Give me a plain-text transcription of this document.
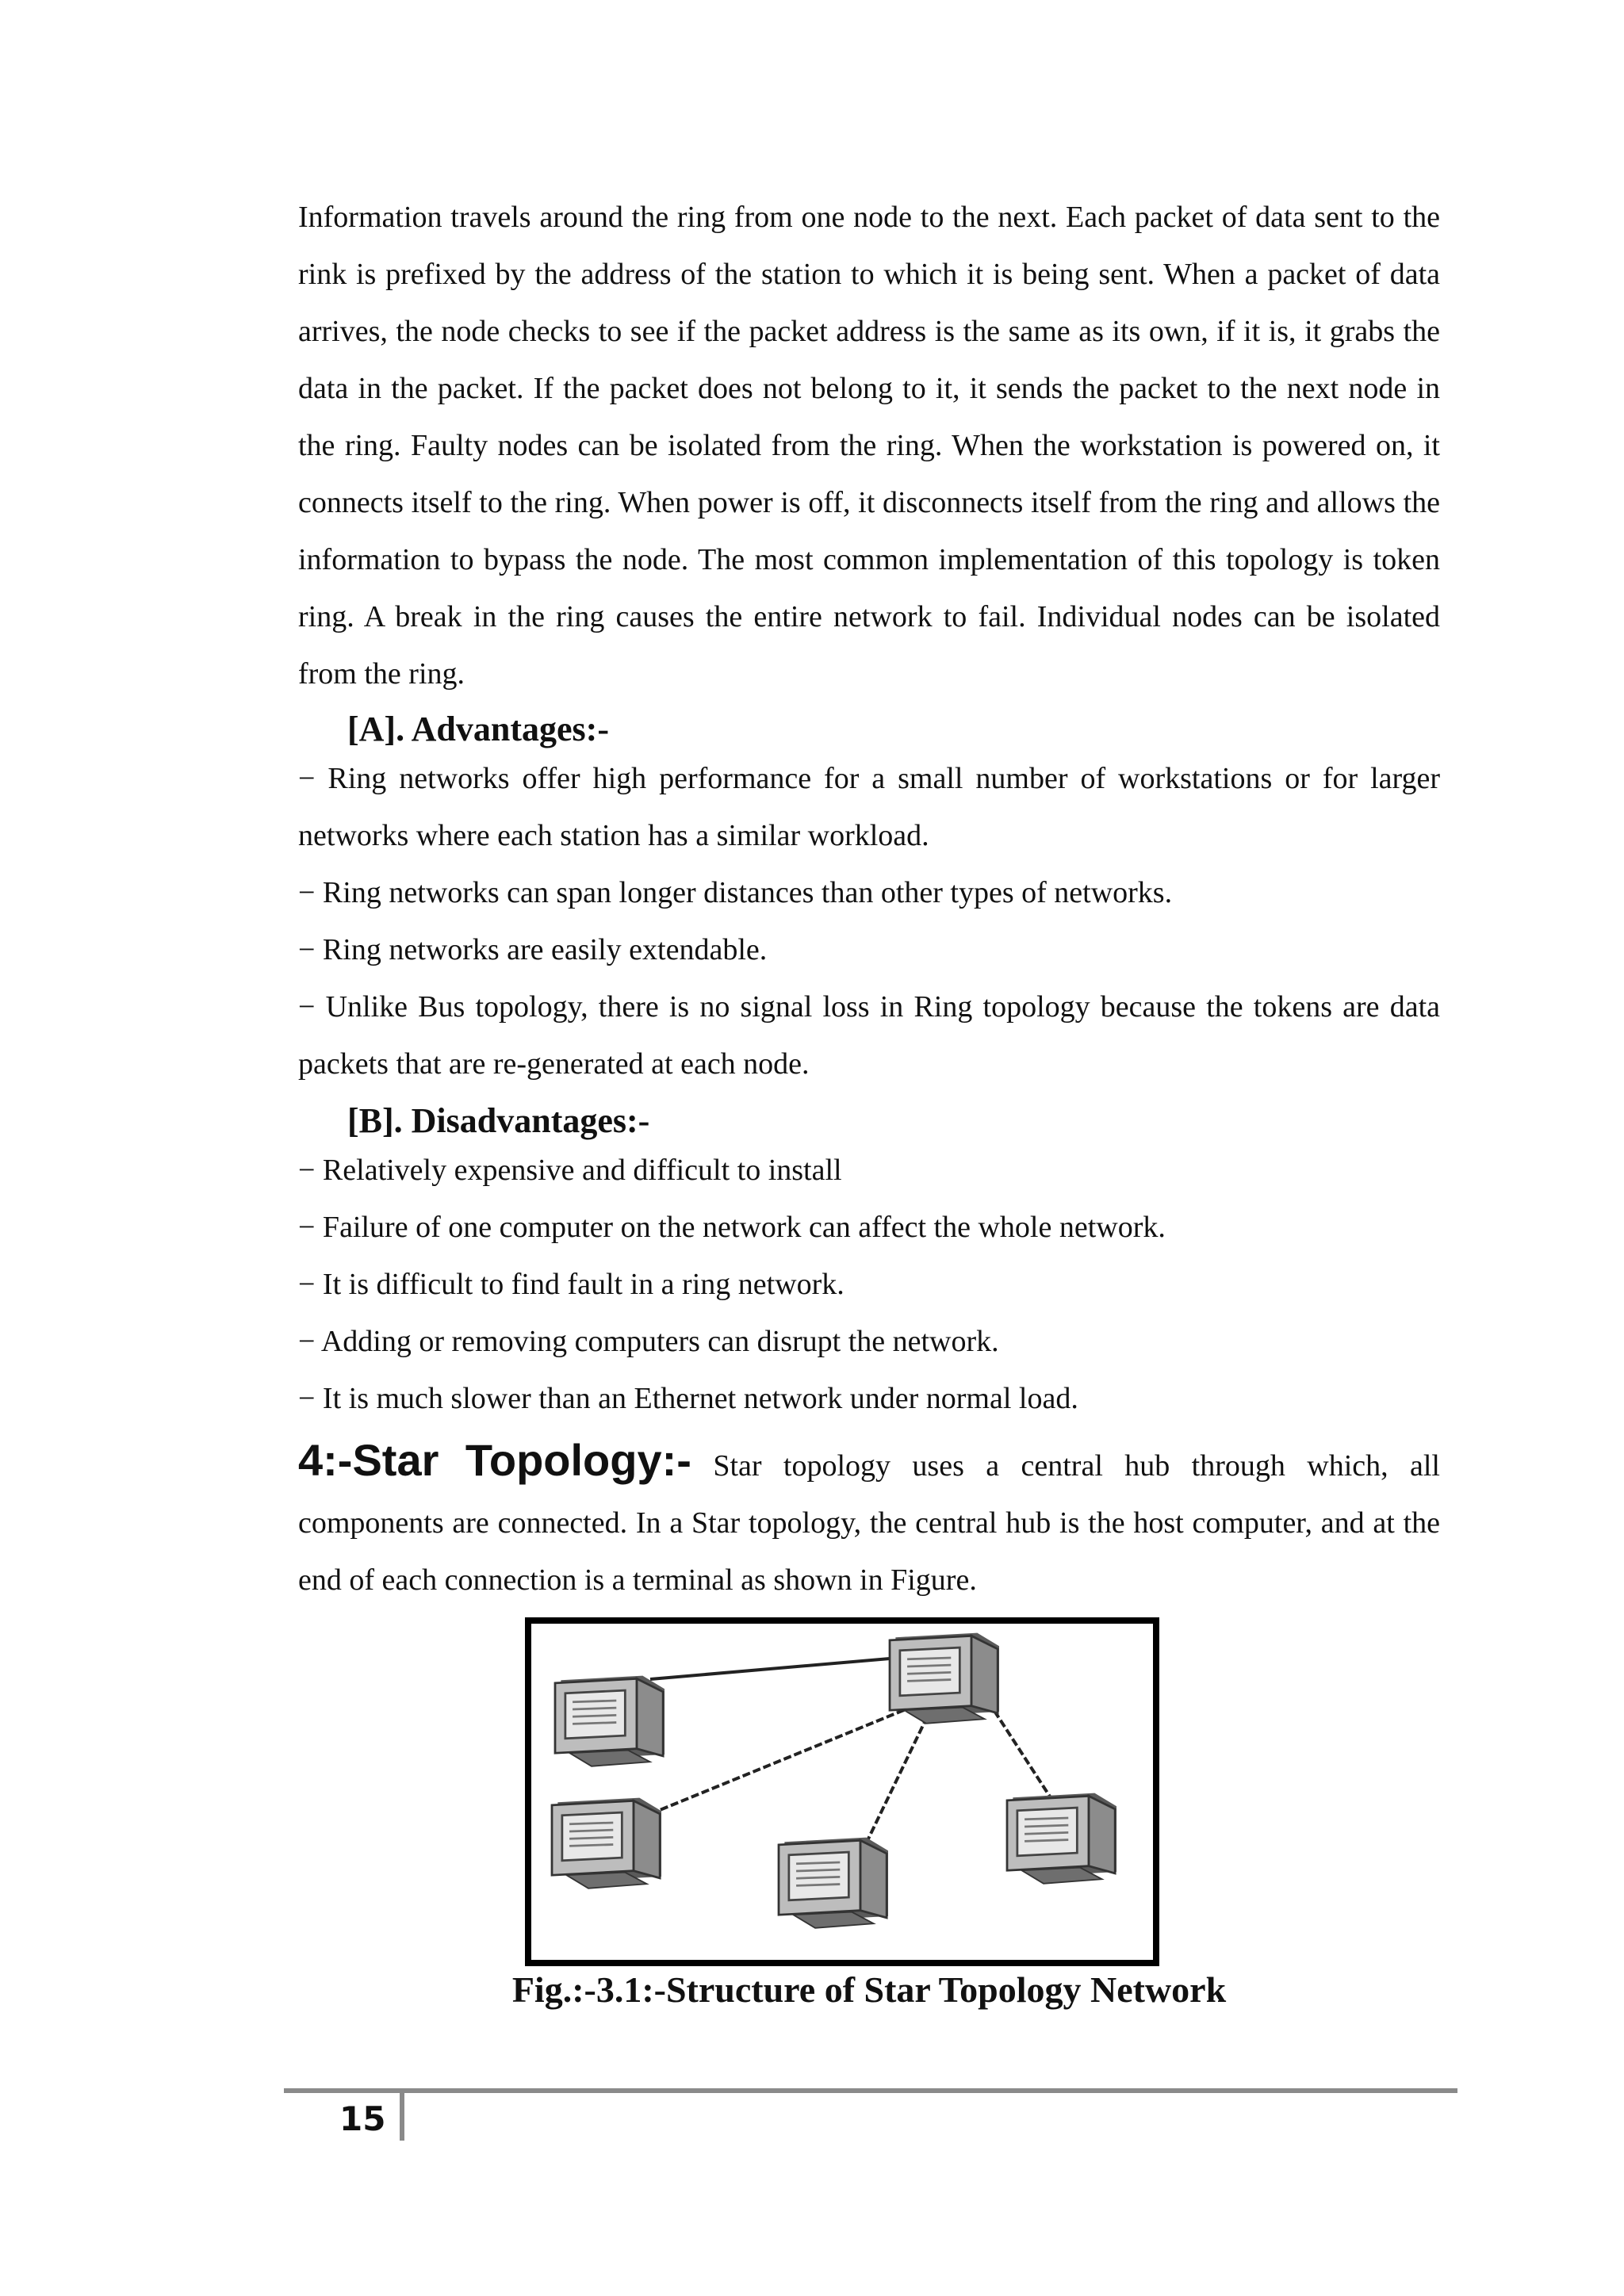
Information travels around the ring from one node to the next. Each packet of data sent to the rink is prefixed by the address of the station to which it is being sent. When a packet of data arrives, the node checks to see if the packet address is the same as its own, if it is, it grabs the data in the packet. If the packet does not belong to it, it sends the packet to the next node in the ring. Faulty nodes can be isolated from the ring. When the workstation is powered on, it connects itself to the ring. When power is off, it disconnects itself from the ring and allows the information to bypass the node. The most common implementation of this topology is token ring. A break in the ring causes the entire network to fail. Individual nodes can be isolated from the ring.

[A]. Advantages:-
− Ring networks offer high performance for a small number of workstations or for larger networks where each station has a similar workload.
− Ring networks can span longer distances than other types of networks.
− Ring networks are easily extendable.
− Unlike Bus topology, there is no signal loss in Ring topology because the tokens are data packets that are re-generated at each node.
[B]. Disadvantages:-
− Relatively expensive and difficult to install
− Failure of one computer on the network can affect the whole network.
− It is difficult to find fault in a ring network.
− Adding or removing computers can disrupt the network.
− It is much slower than an Ethernet network under normal load.

4:-Star Topology:- Star topology uses a central hub through which, all components are connected. In a Star topology, the central hub is the host computer, and at the end of each connection is a terminal as shown in Figure.

Fig.:-3.1:-Structure of Star Topology Network
15
